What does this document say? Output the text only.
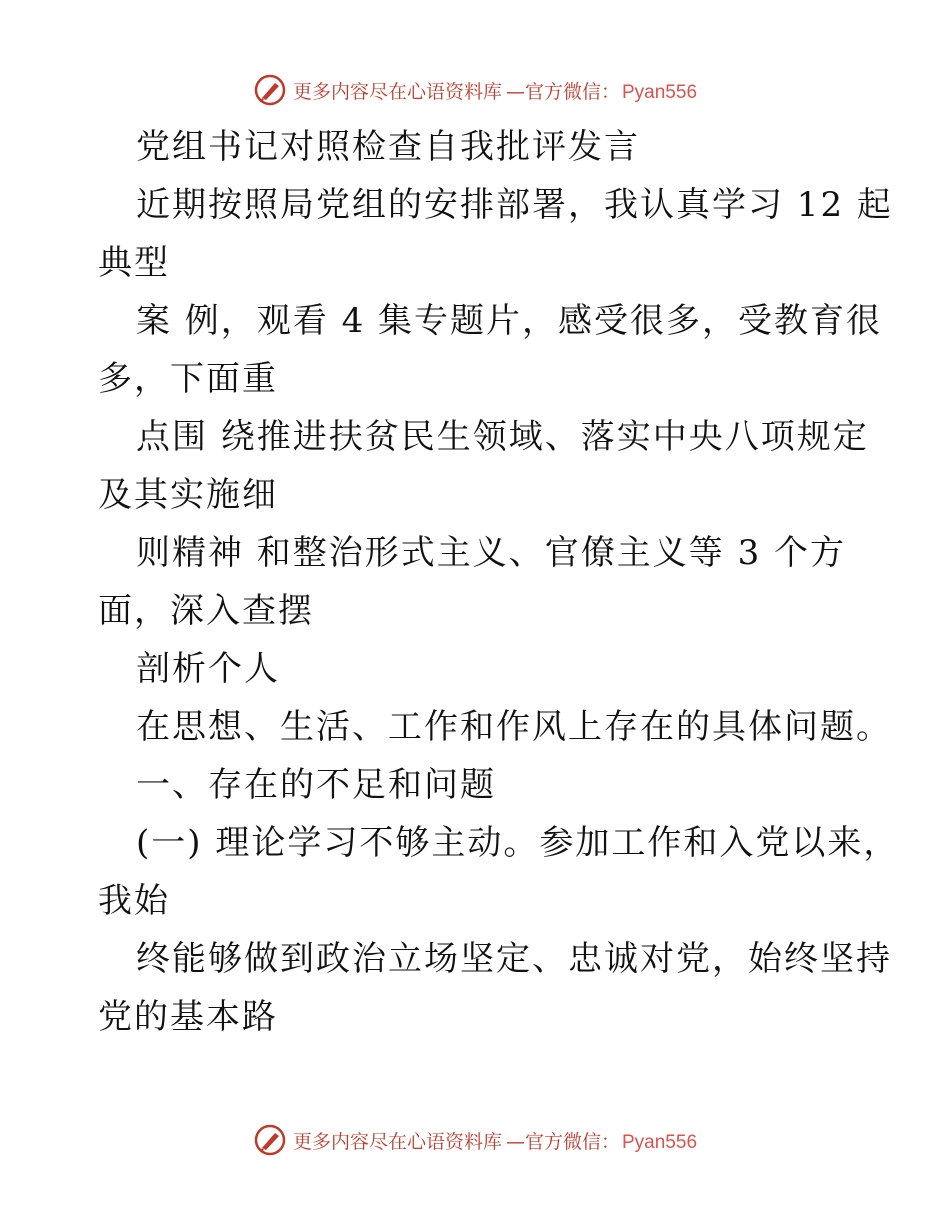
更多内容尽在心语资料库 —官方微信： Pyan556
党组书记对照检查自我批评发言
近期按照局党组的安排部署，我认真学习 12 起
典型
案 例，观看 4 集专题片，感受很多，受教育很
多，下面重
点围 绕推进扶贫民生领域、落实中央八项规定
及其实施细
则精神 和整治形式主义、官僚主义等 3 个方
面，深入查摆
剖析个人
在思想、生活、工作和作风上存在的具体问题。
一、存在的不足和问题
(一) 理论学习不够主动。参加工作和入党以来，
我始
终能够做到政治立场坚定、忠诚对党，始终坚持
党的基本路
更多内容尽在心语资料库 —官方微信： Pyan556
